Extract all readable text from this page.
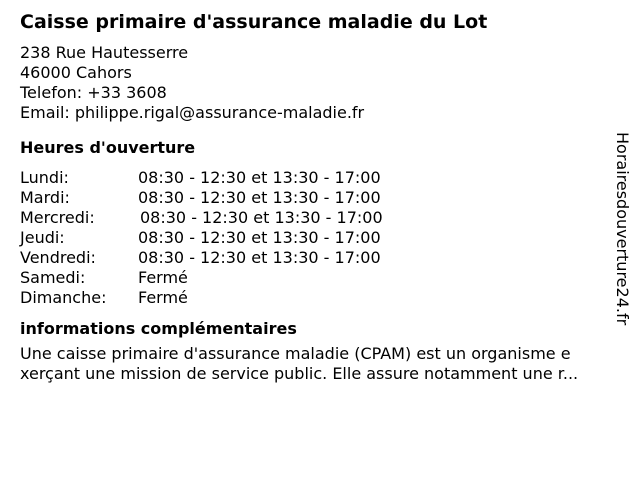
Caisse primaire d'assurance maladie du Lot
238 Rue Hautesserre
46000 Cahors
Telefon: +33 3608
Email: philippe.rigal@assurance-maladie.fr
Heures d'ouverture
Lundi:	08:30 - 12:30 et 13:30 - 17:00
Mardi:	08:30 - 12:30 et 13:30 - 17:00
Mercredi:	08:30 - 12:30 et 13:30 - 17:00
Jeudi:	08:30 - 12:30 et 13:30 - 17:00
Vendredi:	08:30 - 12:30 et 13:30 - 17:00
Samedi:	Fermé
Dimanche: Fermé
informations complémentaires
Une caisse primaire d'assurance maladie (CPAM) est un organisme e
xerçant une mission de service public. Elle assure notamment une r...
Horairesdouverture24.fr
